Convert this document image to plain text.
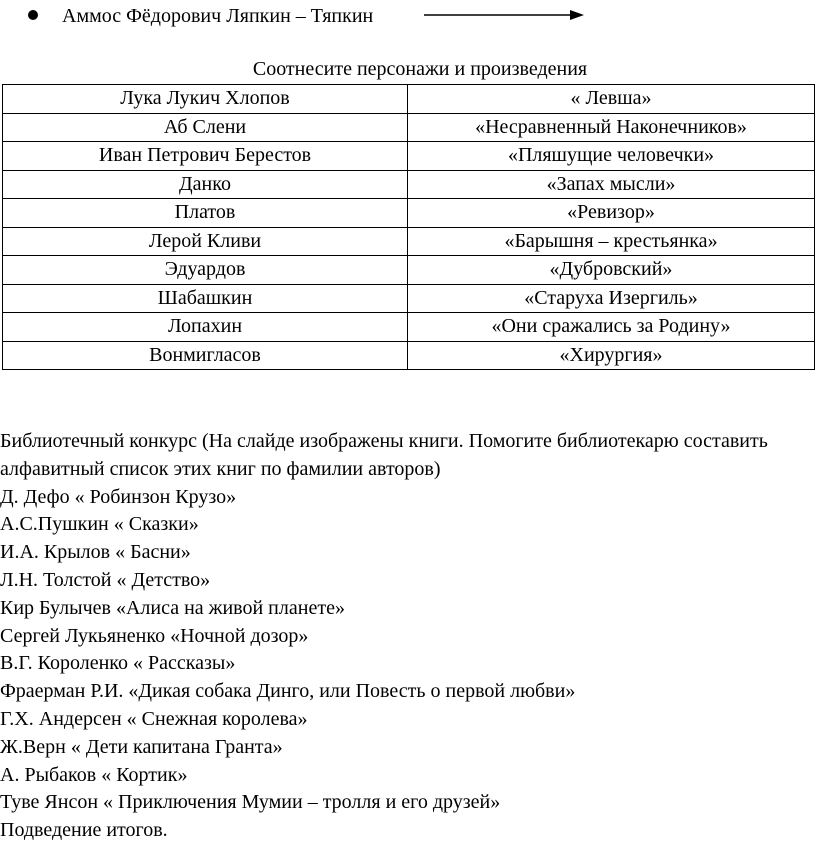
Аммос Фёдорович Ляпкин – Тяпкин
Соотнесите персонажи и произведения
Лука Лукич Хлопов	« Левша»
Аб Слени	«Несравненный Наконечников»
Иван Петрович Берестов	«Пляшущие человечки»
Данко	«Запах мысли»
Платов	«Ревизор»
Лерой Кливи	«Барышня – крестьянка»
Эдуардов	«Дубровский»
Шабашкин	«Старуха Изергиль»
Лопахин	«Они сражались за Родину»
Вонмигласов	«Хирургия»
Библиотечный конкурс (На слайде изображены книги. Помогите библиотекарю составить
алфавитный список этих книг по фамилии авторов)
Д. Дефо « Робинзон Крузо»
А.С.Пушкин « Сказки»
И.А. Крылов « Басни»
Л.Н. Толстой « Детство»
Кир Булычев «Алиса на живой планете»
Сергей Лукьяненко «Ночной дозор»
В.Г. Короленко « Рассказы»
Фраерман Р.И. «Дикая собака Динго, или Повесть о первой любви»
Г.Х. Андерсен « Снежная королева»
Ж.Верн « Дети капитана Гранта»
А. Рыбаков « Кортик»
Туве Янсон « Приключения Мумии – тролля и его друзей»
Подведение итогов.
